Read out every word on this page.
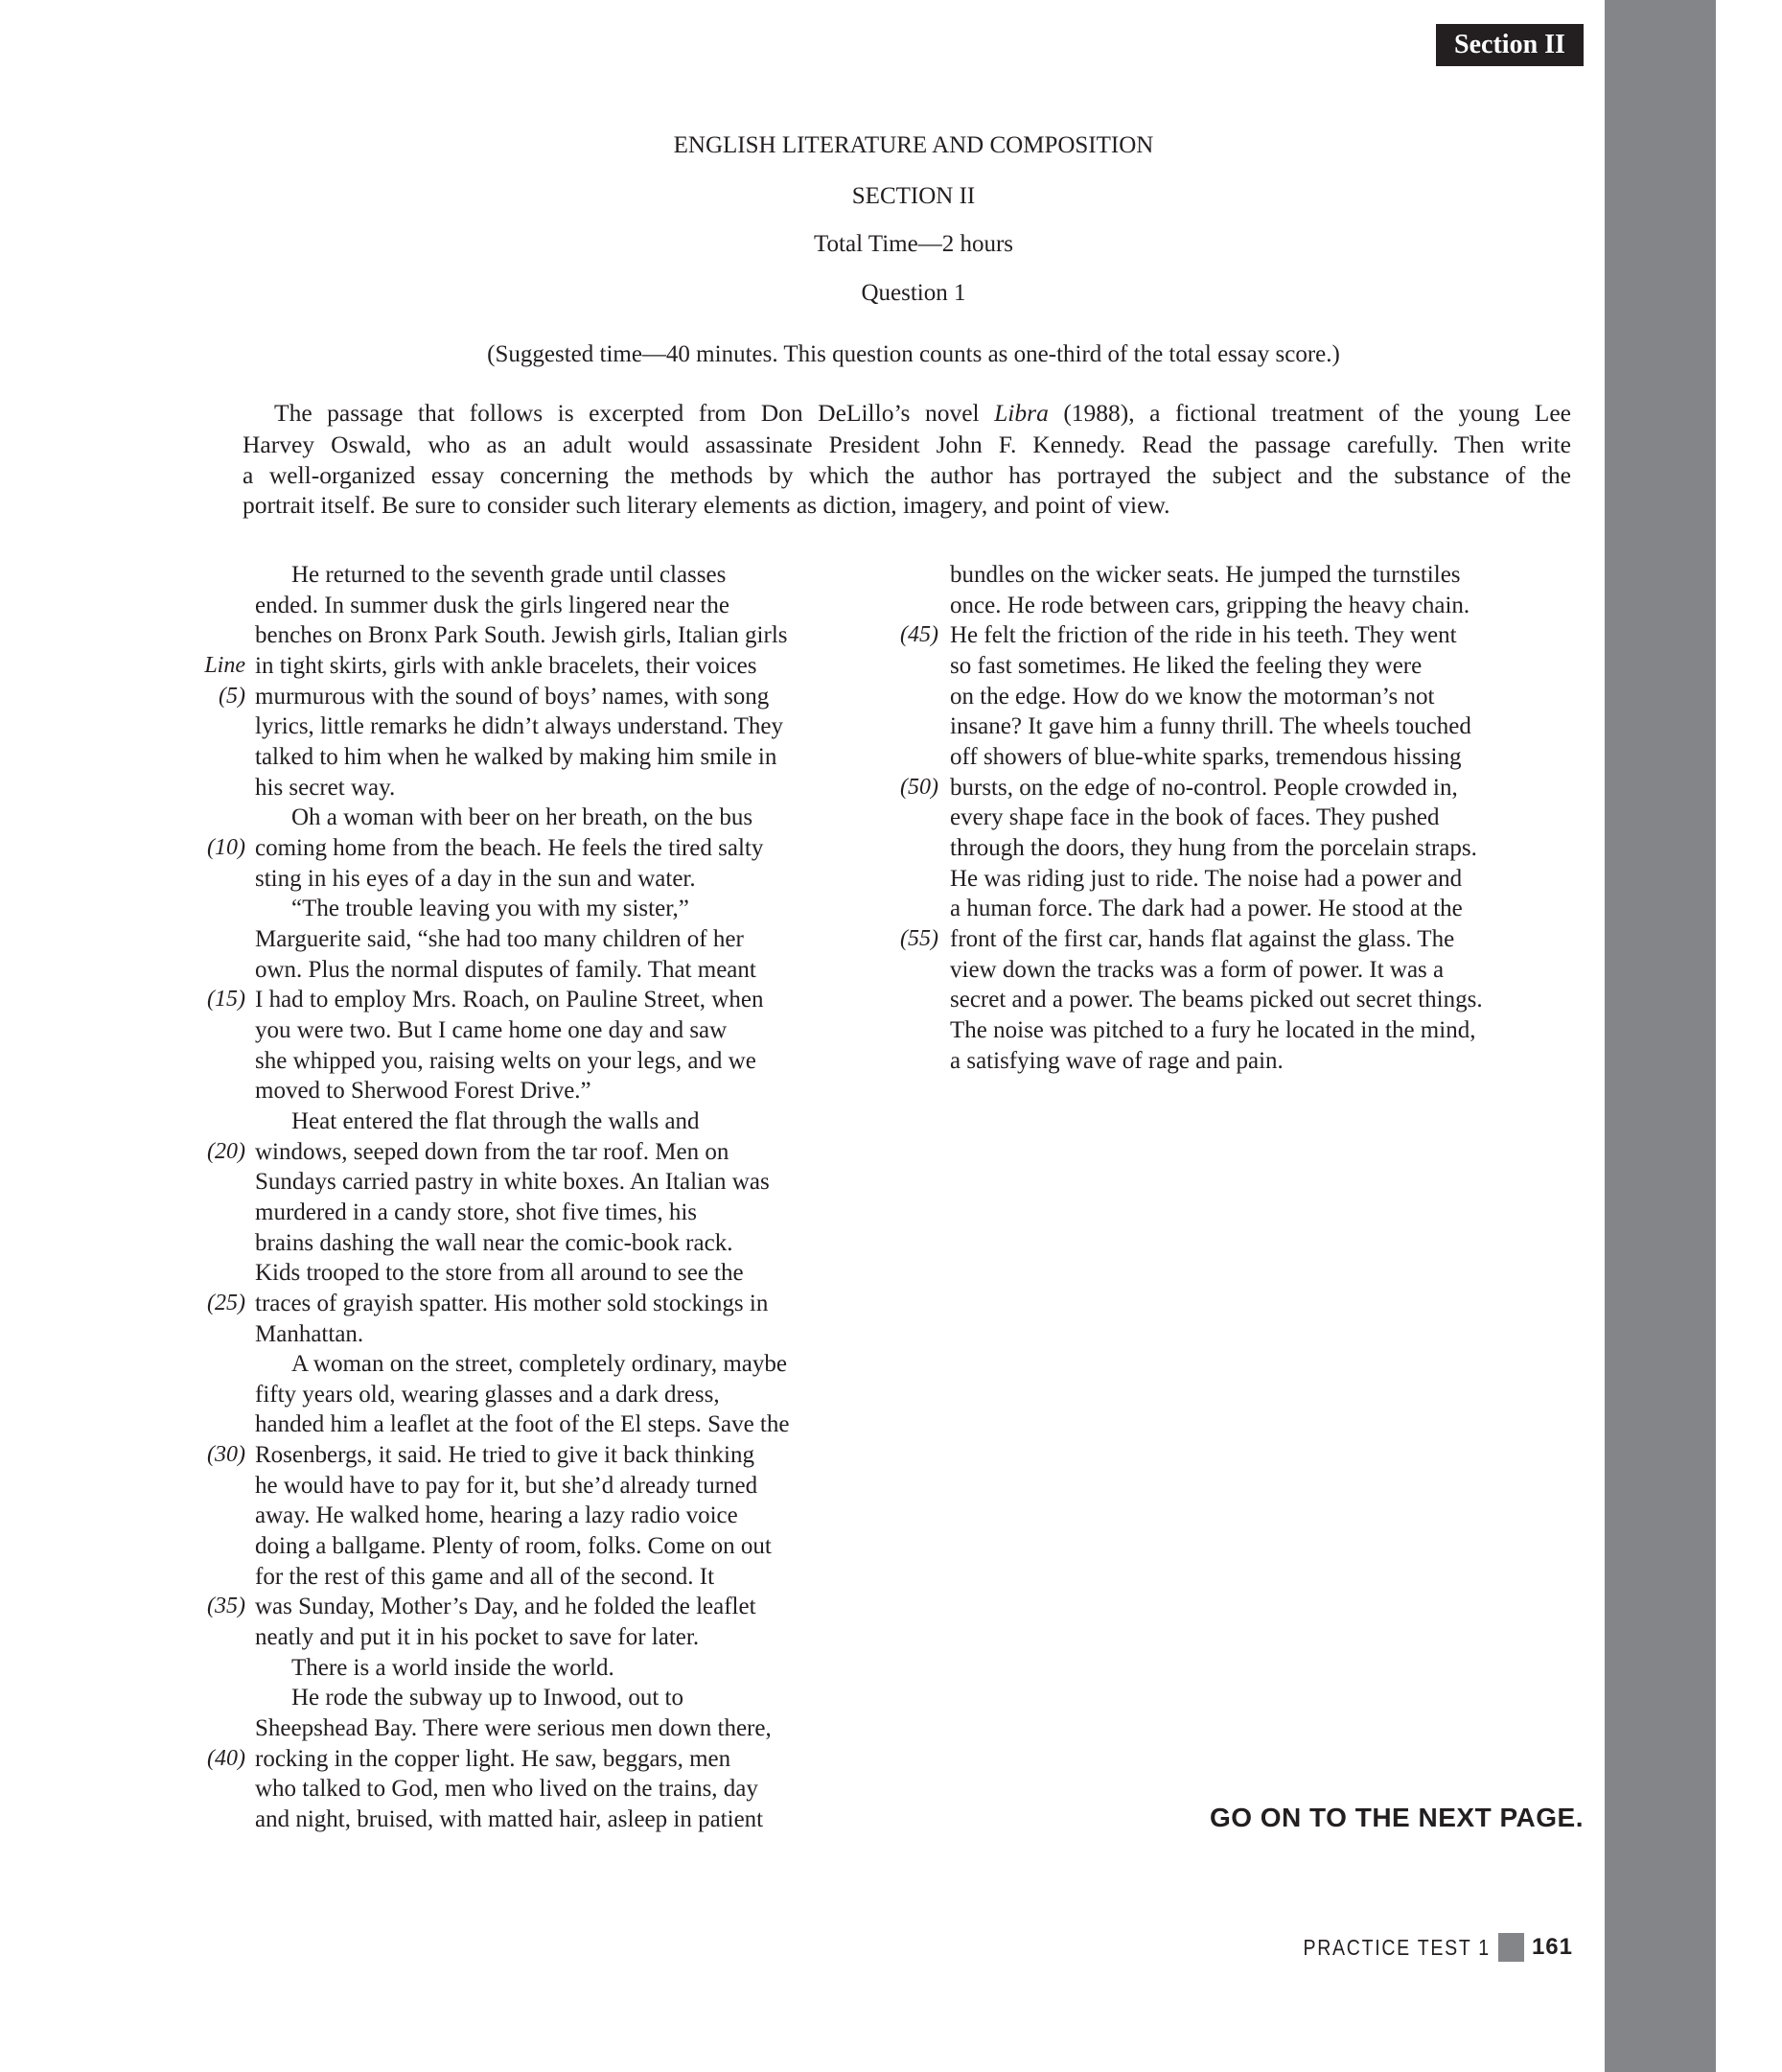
Section II
ENGLISH LITERATURE AND COMPOSITION
SECTION II
Total Time—2 hours
Question 1
(Suggested time—40 minutes. This question counts as one-third of the total essay score.)
The passage that follows is excerpted from Don DeLillo’s novel Libra (1988), a fictional treatment of the young Lee
Harvey Oswald, who as an adult would assassinate President John F. Kennedy. Read the passage carefully. Then write
a well-organized essay concerning the methods by which the author has portrayed the subject and the substance of the
portrait itself. Be sure to consider such literary elements as diction, imagery, and point of view.
He returned to the seventh grade until classes
ended. In summer dusk the girls lingered near the
benches on Bronx Park South. Jewish girls, Italian girls
in tight skirts, girls with ankle bracelets, their voices
Line
murmurous with the sound of boys’ names, with song
(5)
lyrics, little remarks he didn’t always understand. They
talked to him when he walked by making him smile in
his secret way.
Oh a woman with beer on her breath, on the bus
coming home from the beach. He feels the tired salty
(10)
sting in his eyes of a day in the sun and water.
“The trouble leaving you with my sister,”
Marguerite said, “she had too many children of her
own. Plus the normal disputes of family. That meant
I had to employ Mrs. Roach, on Pauline Street, when
(15)
you were two. But I came home one day and saw
she whipped you, raising welts on your legs, and we
moved to Sherwood Forest Drive.”
Heat entered the flat through the walls and
windows, seeped down from the tar roof. Men on
(20)
Sundays carried pastry in white boxes. An Italian was
murdered in a candy store, shot five times, his
brains dashing the wall near the comic-book rack.
Kids trooped to the store from all around to see the
traces of grayish spatter. His mother sold stockings in
(25)
Manhattan.
A woman on the street, completely ordinary, maybe
fifty years old, wearing glasses and a dark dress,
handed him a leaflet at the foot of the El steps. Save the
Rosenbergs, it said. He tried to give it back thinking
(30)
he would have to pay for it, but she’d already turned
away. He walked home, hearing a lazy radio voice
doing a ballgame. Plenty of room, folks. Come on out
for the rest of this game and all of the second. It
was Sunday, Mother’s Day, and he folded the leaflet
(35)
neatly and put it in his pocket to save for later.
There is a world inside the world.
He rode the subway up to Inwood, out to
Sheepshead Bay. There were serious men down there,
rocking in the copper light. He saw, beggars, men
(40)
who talked to God, men who lived on the trains, day
and night, bruised, with matted hair, asleep in patient
bundles on the wicker seats. He jumped the turnstiles
once. He rode between cars, gripping the heavy chain.
He felt the friction of the ride in his teeth. They went
(45)
so fast sometimes. He liked the feeling they were
on the edge. How do we know the motorman’s not
insane? It gave him a funny thrill. The wheels touched
off showers of blue-white sparks, tremendous hissing
bursts, on the edge of no-control. People crowded in,
(50)
every shape face in the book of faces. They pushed
through the doors, they hung from the porcelain straps.
He was riding just to ride. The noise had a power and
a human force. The dark had a power. He stood at the
front of the first car, hands flat against the glass. The
(55)
view down the tracks was a form of power. It was a
secret and a power. The beams picked out secret things.
The noise was pitched to a fury he located in the mind,
a satisfying wave of rage and pain.
GO ON TO THE NEXT PAGE.
PRACTICE TEST 1 161
